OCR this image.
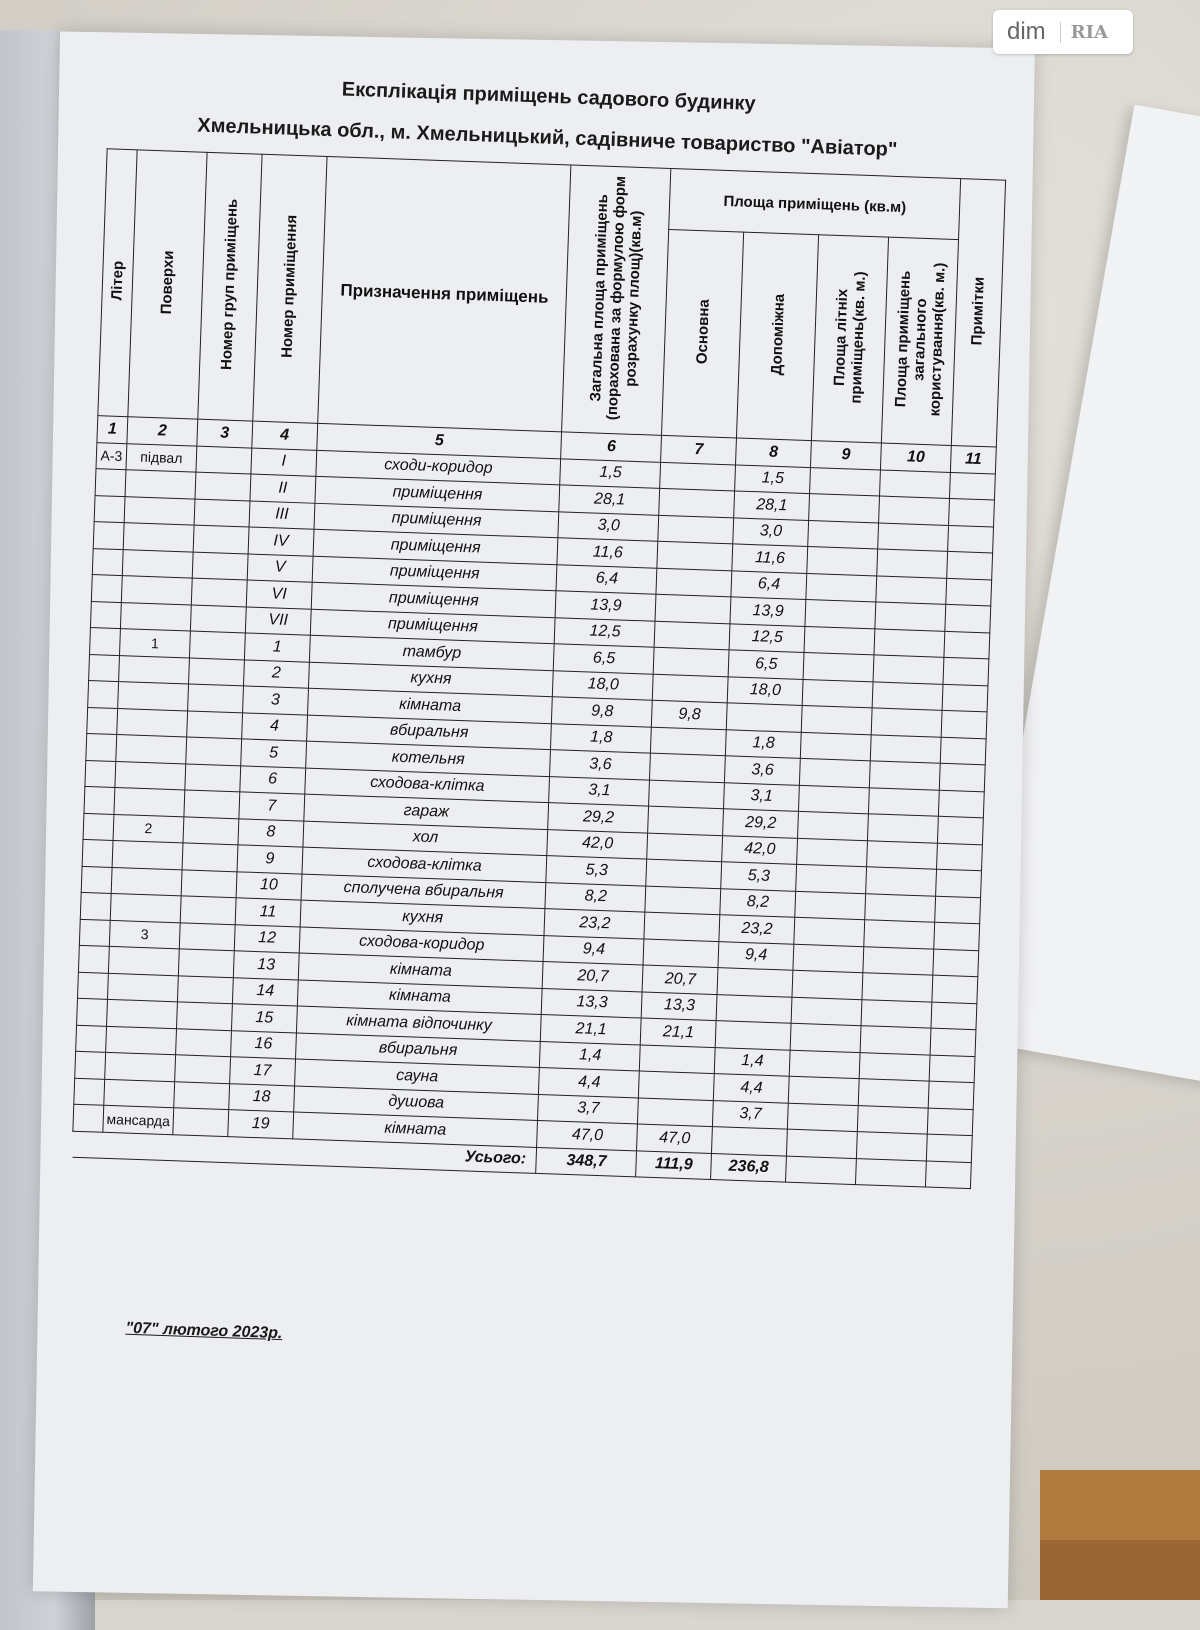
Експлікація приміщень садового будинку
Хмельницька обл., м. Хмельницький, садівниче товариство "Авіатор"
Літер	Поверхи	Номер груп приміщень	Номер приміщення	Призначення приміщень	Загальна площа приміщень (порахована за формулою форм розрахунку площ)(кв.м)	Площа приміщень (кв.м)				Примітки
						Основна	Допоміжна	Площа літніх приміщень(кв. м.)	Площа приміщень загального користування(кв. м.)	
1	2	3	4	5	6	7	8	9	10	11
А-3	підвал		I	сходи-коридор	1,5		1,5			
			II	приміщення	28,1		28,1			
			III	приміщення	3,0		3,0			
			IV	приміщення	11,6		11,6			
			V	приміщення	6,4		6,4			
			VI	приміщення	13,9		13,9			
			VII	приміщення	12,5		12,5			
	1		1	тамбур	6,5		6,5			
			2	кухня	18,0		18,0			
			3	кімната	9,8	9,8				
			4	вбиральня	1,8		1,8			
			5	котельня	3,6		3,6			
			6	сходова-клітка	3,1		3,1			
			7	гараж	29,2		29,2			
	2		8	хол	42,0		42,0			
			9	сходова-клітка	5,3		5,3			
			10	сполучена вбиральня	8,2		8,2			
			11	кухня	23,2		23,2			
	3		12	сходова-коридор	9,4		9,4			
			13	кімната	20,7	20,7				
			14	кімната	13,3	13,3				
			15	кімната відпочинку	21,1	21,1				
			16	вбиральня	1,4		1,4			
			17	сауна	4,4		4,4			
			18	душова	3,7		3,7			
	мансарда		19	кімната	47,0	47,0				
Усього:					348,7	111,9	236,8			
"07" лютого 2023р.
dim	RIA
